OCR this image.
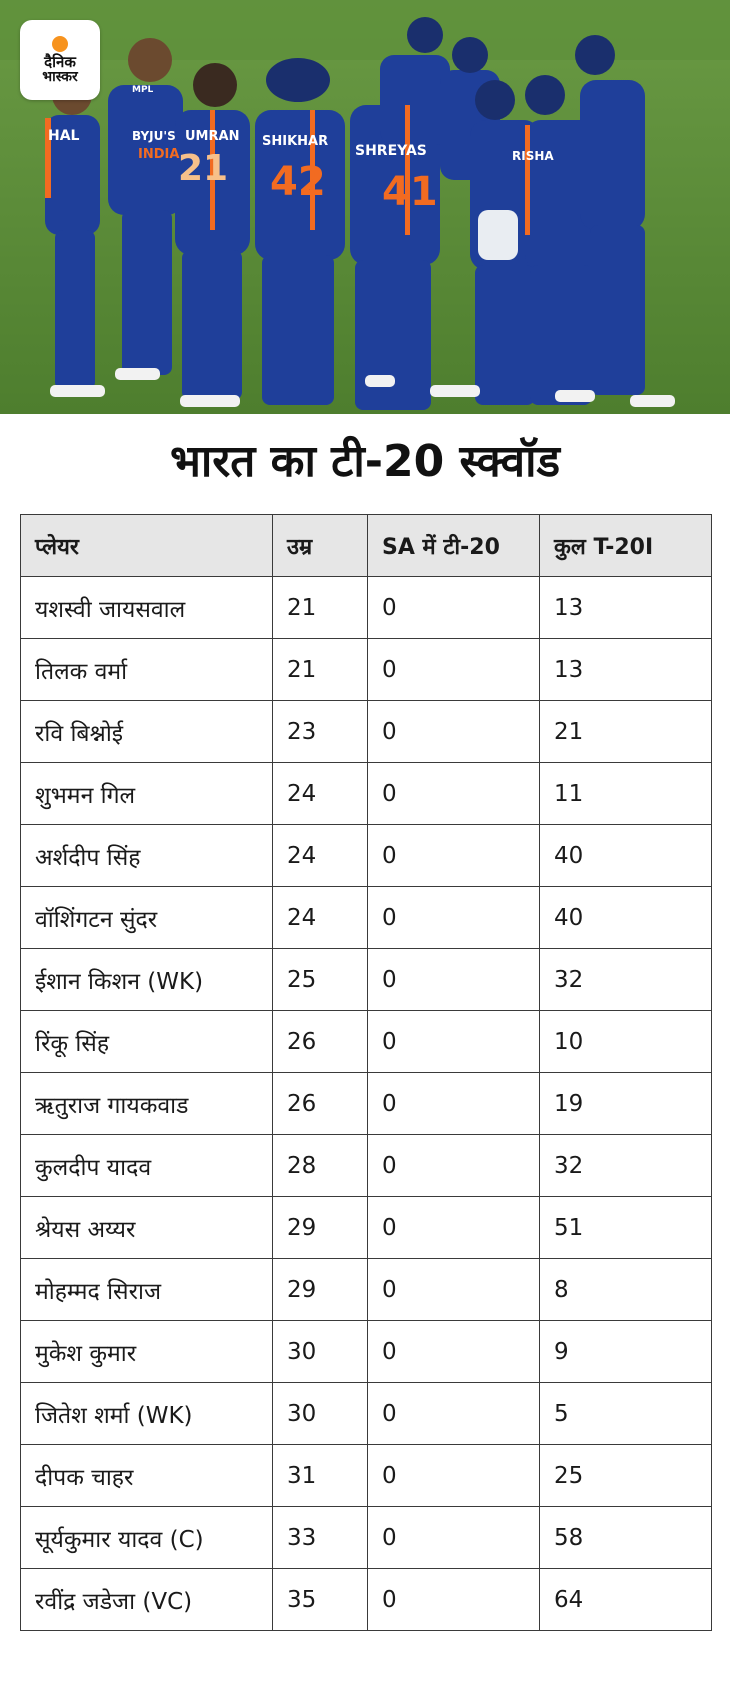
HAL	UMRAN SHIKHAR
SHREYAS	RISHA
21 42 41
BYJU'S
INDIA
MPL
दैनिक
भास्कर
भारत का टी-20 स्क्वॉड
प्लेयर	उम्र	SA में टी-20	कुल T-20I
यशस्वी जायसवाल	21	0	13
तिलक वर्मा	21	0	13
रवि बिश्नोई	23	0	21
शुभमन गिल	24	0	11
अर्शदीप सिंह	24	0	40
वॉशिंगटन सुंदर	24	0	40
ईशान किशन (WK)	25	0	32
रिंकू सिंह	26	0	10
ऋतुराज गायकवाड	26	0	19
कुलदीप यादव	28	0	32
श्रेयस अय्यर	29	0	51
मोहम्मद सिराज	29	0	8
मुकेश कुमार	30	0	9
जितेश शर्मा (WK)	30	0	5
दीपक चाहर	31	0	25
सूर्यकुमार यादव (C)	33	0	58
रवींद्र जडेजा (VC)	35	0	64
